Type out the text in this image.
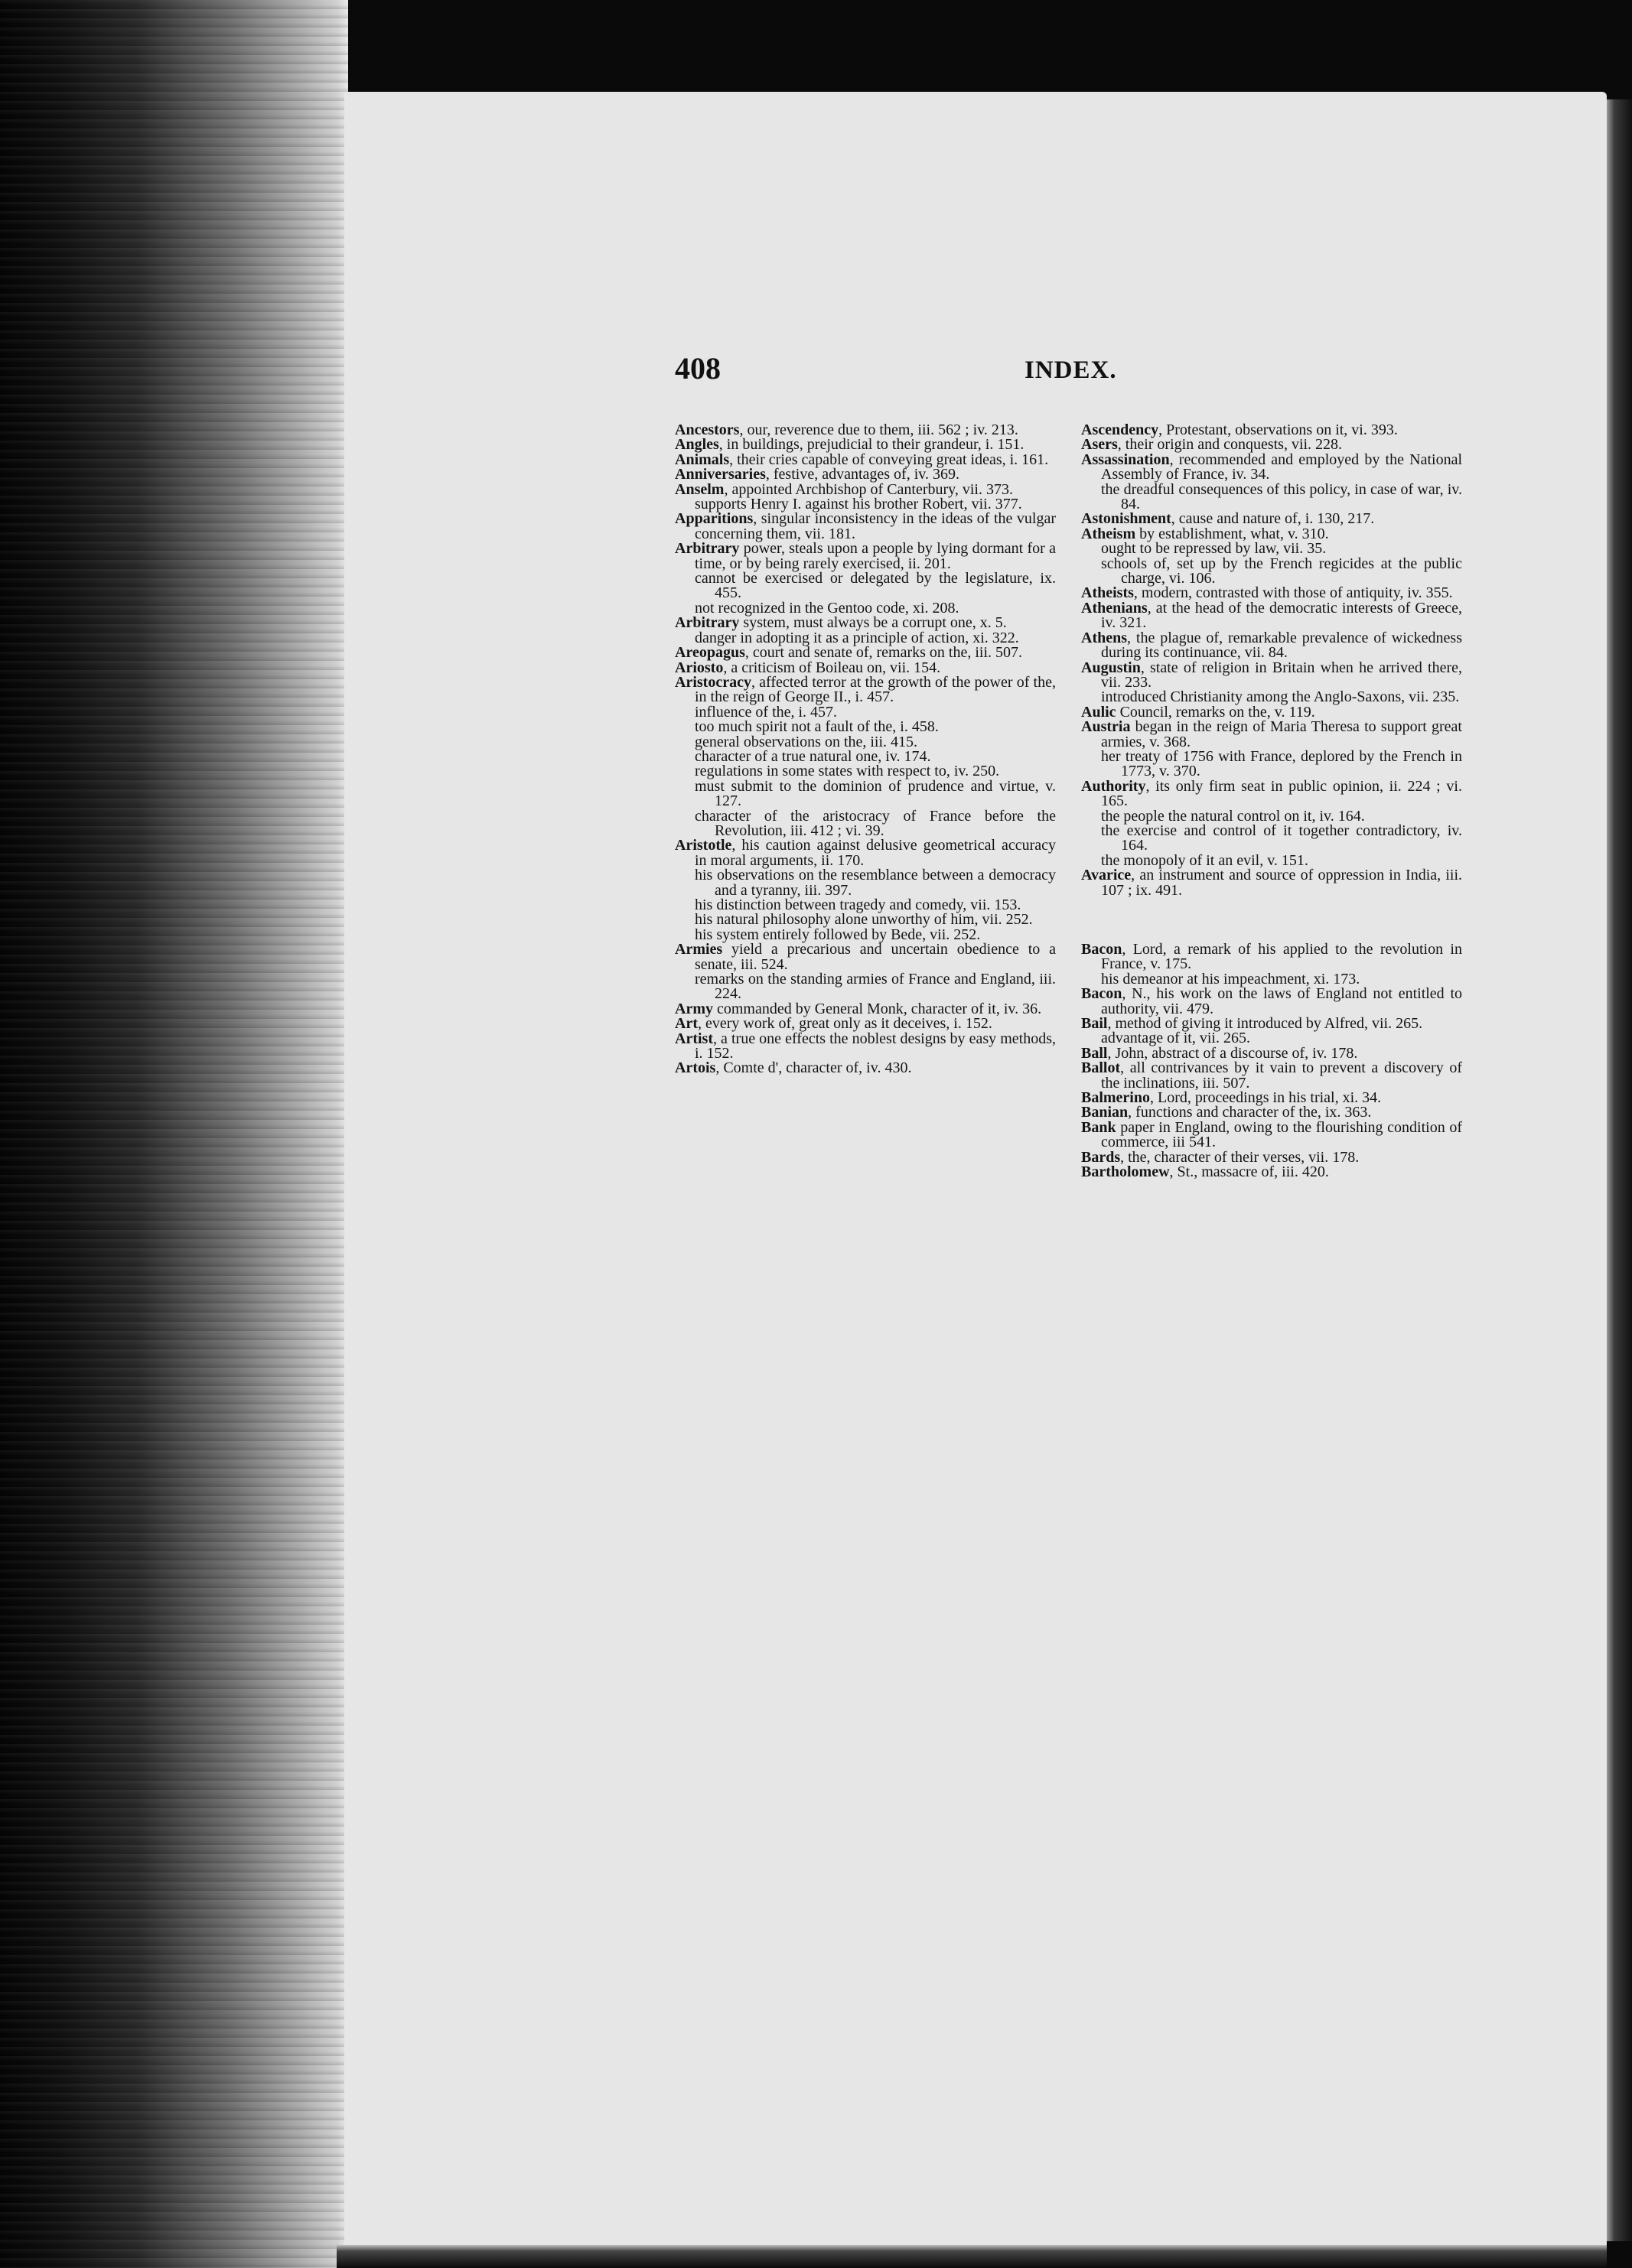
408	INDEX.
Ancestors, our, reverence due to them, iii. 562 ; iv. 213.
Angles, in buildings, prejudicial to their grandeur, i. 151.
Animals, their cries capable of conveying great ideas, i. 161.
Anniversaries, festive, advantages of, iv. 369.
Anselm, appointed Archbishop of Canterbury, vii. 373.
supports Henry I. against his brother Robert, vii. 377.
Apparitions, singular inconsistency in the ideas of the vulgar concerning them, vii. 181.
Arbitrary power, steals upon a people by lying dormant for a time, or by being rarely exercised, ii. 201.
cannot be exercised or delegated by the legislature, ix. 455.
not recognized in the Gentoo code, xi. 208.
Arbitrary system, must always be a corrupt one, x. 5.
danger in adopting it as a principle of action, xi. 322.
Areopagus, court and senate of, remarks on the, iii. 507.
Ariosto, a criticism of Boileau on, vii. 154.
Aristocracy, affected terror at the growth of the power of the, in the reign of George II., i. 457.
influence of the, i. 457.
too much spirit not a fault of the, i. 458.
general observations on the, iii. 415.
character of a true natural one, iv. 174.
regulations in some states with respect to, iv. 250.
must submit to the dominion of prudence and virtue, v. 127.
character of the aristocracy of France before the Revolution, iii. 412 ; vi. 39.
Aristotle, his caution against delusive geometrical accuracy in moral arguments, ii. 170.
his observations on the resemblance between a democracy and a tyranny, iii. 397.
his distinction between tragedy and comedy, vii. 153.
his natural philosophy alone unworthy of him, vii. 252.
his system entirely followed by Bede, vii. 252.
Armies yield a precarious and uncertain obedience to a senate, iii. 524.
remarks on the standing armies of France and England, iii. 224.
Army commanded by General Monk, character of it, iv. 36.
Art, every work of, great only as it deceives, i. 152.
Artist, a true one effects the noblest designs by easy methods, i. 152.
Artois, Comte d', character of, iv. 430.
Ascendency, Protestant, observations on it, vi. 393.
Asers, their origin and conquests, vii. 228.
Assassination, recommended and employed by the National Assembly of France, iv. 34.
the dreadful consequences of this policy, in case of war, iv. 84.
Astonishment, cause and nature of, i. 130, 217.
Atheism by establishment, what, v. 310.
ought to be repressed by law, vii. 35.
schools of, set up by the French regicides at the public charge, vi. 106.
Atheists, modern, contrasted with those of antiquity, iv. 355.
Athenians, at the head of the democratic interests of Greece, iv. 321.
Athens, the plague of, remarkable prevalence of wickedness during its continuance, vii. 84.
Augustin, state of religion in Britain when he arrived there, vii. 233.
introduced Christianity among the Anglo-Saxons, vii. 235.
Aulic Council, remarks on the, v. 119.
Austria began in the reign of Maria Theresa to support great armies, v. 368.
her treaty of 1756 with France, deplored by the French in 1773, v. 370.
Authority, its only firm seat in public opinion, ii. 224 ; vi. 165.
the people the natural control on it, iv. 164.
the exercise and control of it together contradictory, iv. 164.
the monopoly of it an evil, v. 151.
Avarice, an instrument and source of oppression in India, iii. 107 ; ix. 491.
Bacon, Lord, a remark of his applied to the revolution in France, v. 175.
his demeanor at his impeachment, xi. 173.
Bacon, N., his work on the laws of England not entitled to authority, vii. 479.
Bail, method of giving it introduced by Alfred, vii. 265.
advantage of it, vii. 265.
Ball, John, abstract of a discourse of, iv. 178.
Ballot, all contrivances by it vain to prevent a discovery of the inclinations, iii. 507.
Balmerino, Lord, proceedings in his trial, xi. 34.
Banian, functions and character of the, ix. 363.
Bank paper in England, owing to the flourishing condition of commerce, iii 541.
Bards, the, character of their verses, vii. 178.
Bartholomew, St., massacre of, iii. 420.
